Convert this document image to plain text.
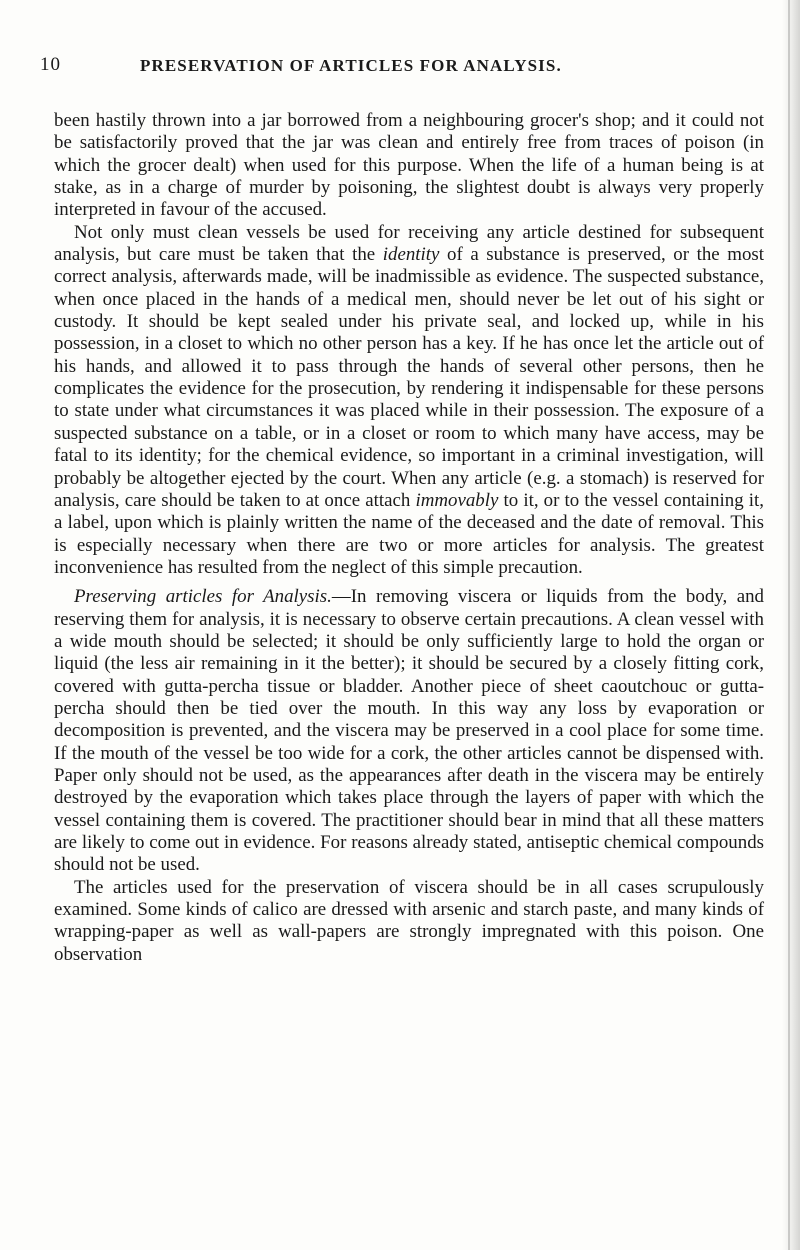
10	PRESERVATION OF ARTICLES FOR ANALYSIS.

been hastily thrown into a jar borrowed from a neighbouring grocer's shop; and it could not be satisfactorily proved that the jar was clean and entirely free from traces of poison (in which the grocer dealt) when used for this purpose. When the life of a human being is at stake, as in a charge of murder by poisoning, the slightest doubt is always very properly interpreted in favour of the accused.

Not only must clean vessels be used for receiving any article destined for subsequent analysis, but care must be taken that the identity of a substance is preserved, or the most correct analysis, afterwards made, will be inadmissible as evidence. The suspected substance, when once placed in the hands of a medical men, should never be let out of his sight or custody. It should be kept sealed under his private seal, and locked up, while in his possession, in a closet to which no other person has a key. If he has once let the article out of his hands, and allowed it to pass through the hands of several other persons, then he complicates the evidence for the prosecution, by rendering it indispensable for these persons to state under what circumstances it was placed while in their possession. The exposure of a suspected substance on a table, or in a closet or room to which many have access, may be fatal to its identity; for the chemical evidence, so important in a criminal investigation, will probably be altogether ejected by the court. When any article (e.g. a stomach) is reserved for analysis, care should be taken to at once attach immovably to it, or to the vessel containing it, a label, upon which is plainly written the name of the deceased and the date of removal. This is especially necessary when there are two or more articles for analysis. The greatest inconvenience has resulted from the neglect of this simple precaution.

Preserving articles for Analysis.—In removing viscera or liquids from the body, and reserving them for analysis, it is necessary to observe certain precautions. A clean vessel with a wide mouth should be selected; it should be only sufficiently large to hold the organ or liquid (the less air remaining in it the better); it should be secured by a closely fitting cork, covered with gutta-percha tissue or bladder. Another piece of sheet caoutchouc or gutta-percha should then be tied over the mouth. In this way any loss by evaporation or decomposition is prevented, and the viscera may be preserved in a cool place for some time. If the mouth of the vessel be too wide for a cork, the other articles cannot be dispensed with. Paper only should not be used, as the appearances after death in the viscera may be entirely destroyed by the evaporation which takes place through the layers of paper with which the vessel containing them is covered. The practitioner should bear in mind that all these matters are likely to come out in evidence. For reasons already stated, antiseptic chemical compounds should not be used.

The articles used for the preservation of viscera should be in all cases scrupulously examined. Some kinds of calico are dressed with arsenic and starch paste, and many kinds of wrapping-paper as well as wall-papers are strongly impregnated with this poison. One observation
